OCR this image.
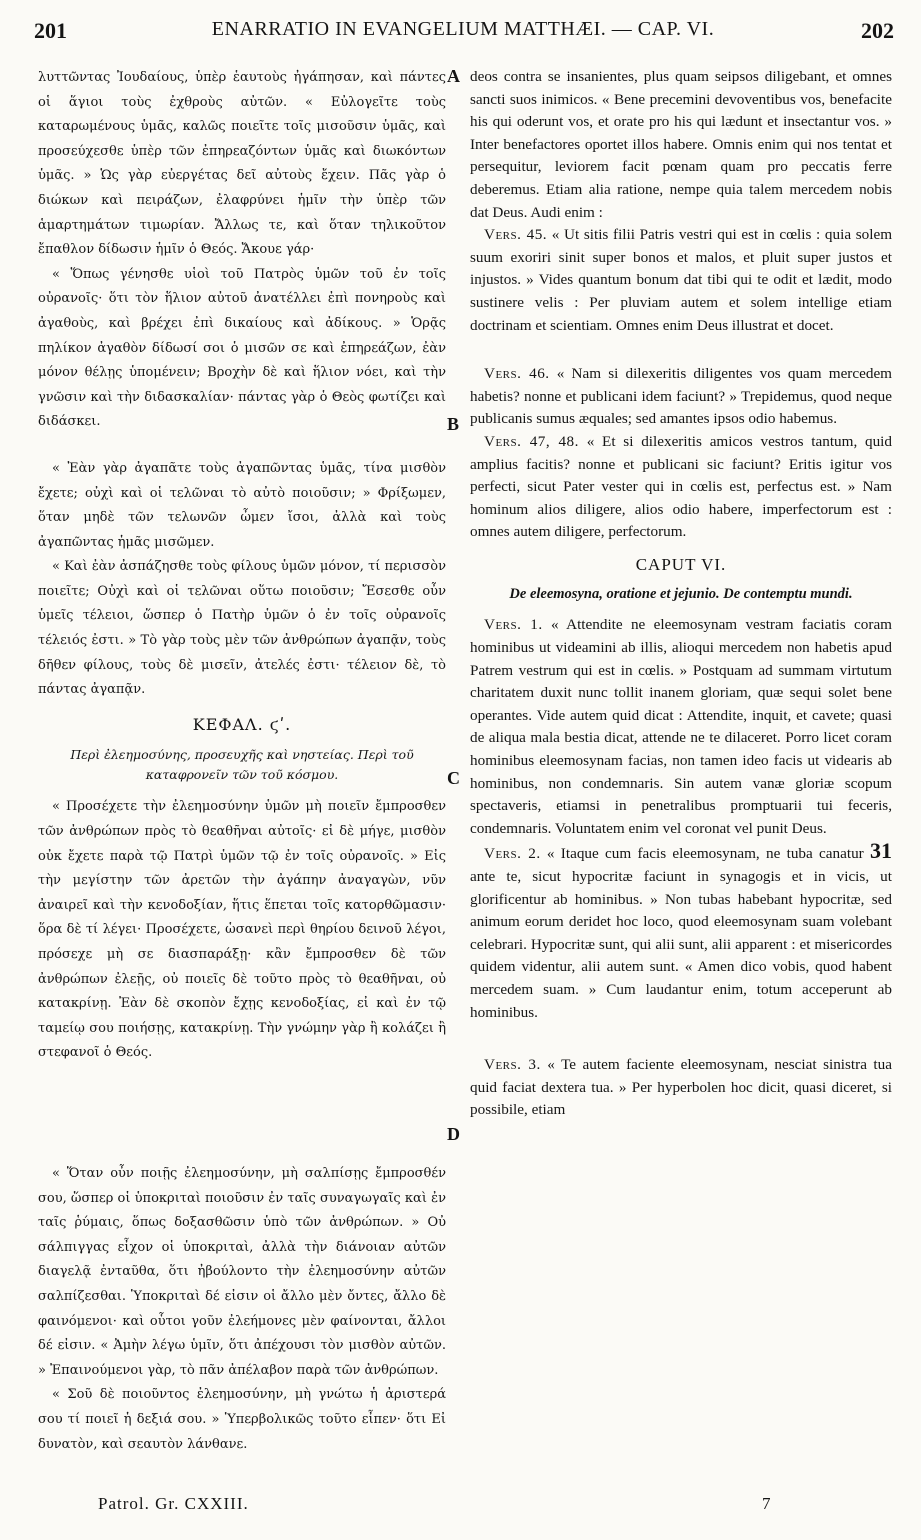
201	ENARRATIO IN EVANGELIUM MATTHÆI. — CAP. VI.	202

λυττῶντας Ἰουδαίους, ὑπὲρ ἑαυτοὺς ἠγάπησαν, καὶ πάντες οἱ ἅγιοι τοὺς ἐχθροὺς αὐτῶν. « Εὐλογεῖτε τοὺς καταρωμένους ὑμᾶς, καλῶς ποιεῖτε τοῖς μισοῦσιν ὑμᾶς, καὶ προσεύχεσθε ὑπὲρ τῶν ἐπηρεαζόντων ὑμᾶς καὶ διωκόντων ὑμᾶς. » Ὡς γὰρ εὐεργέτας δεῖ αὐτοὺς ἔχειν. Πᾶς γὰρ ὁ διώκων καὶ πειράζων, ἐλαφρύνει ἡμῖν τὴν ὑπὲρ τῶν ἁμαρτημάτων τιμωρίαν. Ἄλλως τε, καὶ ὅταν τηλικοῦτον ἔπαθλον δίδωσιν ἡμῖν ὁ Θεός. Ἄκουε γάρ·

« Ὅπως γένησθε υἱοὶ τοῦ Πατρὸς ὑμῶν τοῦ ἐν τοῖς οὐρανοῖς· ὅτι τὸν ἥλιον αὐτοῦ ἀνατέλλει ἐπὶ πονηροὺς καὶ ἀγαθοὺς, καὶ βρέχει ἐπὶ δικαίους καὶ ἀδίκους. » Ὁρᾷς πηλίκον ἀγαθὸν δίδωσί σοι ὁ μισῶν σε καὶ ἐπηρεάζων, ἐὰν μόνον θέλῃς ὑπομένειν; Βροχὴν δὲ καὶ ἥλιον νόει, καὶ τὴν γνῶσιν καὶ τὴν διδασκαλίαν· πάντας γὰρ ὁ Θεὸς φωτίζει καὶ διδάσκει.

« Ἐὰν γὰρ ἀγαπᾶτε τοὺς ἀγαπῶντας ὑμᾶς, τίνα μισθὸν ἔχετε; οὐχὶ καὶ οἱ τελῶναι τὸ αὐτὸ ποιοῦσιν; » Φρίξωμεν, ὅταν μηδὲ τῶν τελωνῶν ὦμεν ἴσοι, ἀλλὰ καὶ τοὺς ἀγαπῶντας ἡμᾶς μισῶμεν.

« Καὶ ἐὰν ἀσπάζησθε τοὺς φίλους ὑμῶν μόνον, τί περισσὸν ποιεῖτε; Οὐχὶ καὶ οἱ τελῶναι οὕτω ποιοῦσιν; Ἔσεσθε οὖν ὑμεῖς τέλειοι, ὥσπερ ὁ Πατὴρ ὑμῶν ὁ ἐν τοῖς οὐρανοῖς τέλειός ἐστι. » Τὸ γὰρ τοὺς μὲν τῶν ἀνθρώπων ἀγαπᾷν, τοὺς δῆθεν φίλους, τοὺς δὲ μισεῖν, ἀτελές ἐστι· τέλειον δὲ, τὸ πάντας ἀγαπᾷν.

ΚΕΦΑΛ. ϛʹ.
Περὶ ἐλεημοσύνης, προσευχῆς καὶ νηστείας. Περὶ τοῦ καταφρονεῖν τῶν τοῦ κόσμου.

« Προσέχετε τὴν ἐλεημοσύνην ὑμῶν μὴ ποιεῖν ἔμπροσθεν τῶν ἀνθρώπων πρὸς τὸ θεαθῆναι αὐτοῖς· εἰ δὲ μήγε, μισθὸν οὐκ ἔχετε παρὰ τῷ Πατρὶ ὑμῶν τῷ ἐν τοῖς οὐρανοῖς. » Εἰς τὴν μεγίστην τῶν ἀρετῶν τὴν ἀγάπην ἀναγαγὼν, νῦν ἀναιρεῖ καὶ τὴν κενοδοξίαν, ἥτις ἕπεται τοῖς κατορθῶμασιν· ὅρα δὲ τί λέγει· Προσέχετε, ὡσανεὶ περὶ θηρίου δεινοῦ λέγοι, πρόσεχε μὴ σε διασπαράξῃ· κἂν ἔμπροσθεν δὲ τῶν ἀνθρώπων ἐλεῇς, οὐ ποιεῖς δὲ τοῦτο πρὸς τὸ θεαθῆναι, οὐ κατακρίνῃ. Ἐὰν δὲ σκοπὸν ἔχῃς κενοδοξίας, εἰ καὶ ἐν τῷ ταμείῳ σου ποιήσῃς, κατακρίνῃ. Τὴν γνώμην γὰρ ἢ κολάζει ἢ στεφανοῖ ὁ Θεός.

« Ὅταν οὖν ποιῇς ἐλεημοσύνην, μὴ σαλπίσῃς ἔμπροσθέν σου, ὥσπερ οἱ ὑποκριταὶ ποιοῦσιν ἐν ταῖς συναγωγαῖς καὶ ἐν ταῖς ῥύμαις, ὅπως δοξασθῶσιν ὑπὸ τῶν ἀνθρώπων. » Οὐ σάλπιγγας εἶχον οἱ ὑποκριταὶ, ἀλλὰ τὴν διάνοιαν αὐτῶν διαγελᾷ ἐνταῦθα, ὅτι ἠβούλοντο τὴν ἐλεημοσύνην αὐτῶν σαλπίζεσθαι. Ὑποκριταὶ δέ εἰσιν οἱ ἄλλο μὲν ὄντες, ἄλλο δὲ φαινόμενοι· καὶ οὗτοι γοῦν ἐλεήμονες μὲν φαίνονται, ἄλλοι δέ εἰσιν. « Ἀμὴν λέγω ὑμῖν, ὅτι ἀπέχουσι τὸν μισθὸν αὐτῶν. » Ἐπαινούμενοι γὰρ, τὸ πᾶν ἀπέλαβον παρὰ τῶν ἀνθρώπων.

« Σοῦ δὲ ποιοῦντος ἐλεημοσύνην, μὴ γνώτω ἡ ἀριστερά σου τί ποιεῖ ἡ δεξιά σου. » Ὑπερβολικῶς τοῦτο εἶπεν· ὅτι Εἰ δυνατὸν, καὶ σεαυτὸν λάνθανε.

A
B
C
D

deos contra se insanientes, plus quam seipsos diligebant, et omnes sancti suos inimicos. « Bene precemini devoventibus vos, benefacite his qui oderunt vos, et orate pro his qui lædunt et insectantur vos. » Inter benefactores oportet illos habere. Omnis enim qui nos tentat et persequitur, leviorem facit pœnam quam pro peccatis ferre deberemus. Etiam alia ratione, nempe quia talem mercedem nobis dat Deus. Audi enim :

Vers. 45. « Ut sitis filii Patris vestri qui est in cœlis : quia solem suum exoriri sinit super bonos et malos, et pluit super justos et injustos. » Vides quantum bonum dat tibi qui te odit et lædit, modo sustinere velis : Per pluviam autem et solem intellige etiam doctrinam et scientiam. Omnes enim Deus illustrat et docet.

Vers. 46. « Nam si dilexeritis diligentes vos quam mercedem habetis? nonne et publicani idem faciunt? » Trepidemus, quod neque publicanis sumus æquales; sed amantes ipsos odio habemus.

Vers. 47, 48. « Et si dilexeritis amicos vestros tantum, quid amplius facitis? nonne et publicani sic faciunt? Eritis igitur vos perfecti, sicut Pater vester qui in cœlis est, perfectus est. » Nam hominum alios diligere, alios odio habere, imperfectorum est : omnes autem diligere, perfectorum.

CAPUT VI.
De eleemosyna, oratione et jejunio. De contemptu mundi.

Vers. 1. « Attendite ne eleemosynam vestram faciatis coram hominibus ut videamini ab illis, alioqui mercedem non habetis apud Patrem vestrum qui est in cœlis. » Postquam ad summam virtutum charitatem duxit nunc tollit inanem gloriam, quæ sequi solet bene operantes. Vide autem quid dicat : Attendite, inquit, et cavete; quasi de aliqua mala bestia dicat, attende ne te dilaceret. Porro licet coram hominibus eleemosynam facias, non tamen ideo facis ut videaris ab hominibus, non condemnaris. Sin autem vanæ gloriæ scopum spectaveris, etiamsi in penetralibus promptuarii tui feceris, condemnaris. Voluntatem enim vel coronat vel punit Deus.

Vers. 2. « Itaque cum facis eleemosynam, ne tuba canatur 31 ante te, sicut hypocritæ faciunt in synagogis et in vicis, ut glorificentur ab hominibus. » Non tubas habebant hypocritæ, sed animum eorum deridet hoc loco, quod eleemosynam suam volebant celebrari. Hypocritæ sunt, qui alii sunt, alii apparent : et misericordes quidem videntur, alii autem sunt. « Amen dico vobis, quod habent mercedem suam. » Cum laudantur enim, totum acceperunt ab hominibus.

Vers. 3. « Te autem faciente eleemosynam, nesciat sinistra tua quid faciat dextera tua. » Per hyperbolen hoc dicit, quasi diceret, si possibile, etiam

Patrol. Gr. CXXIII.	7
